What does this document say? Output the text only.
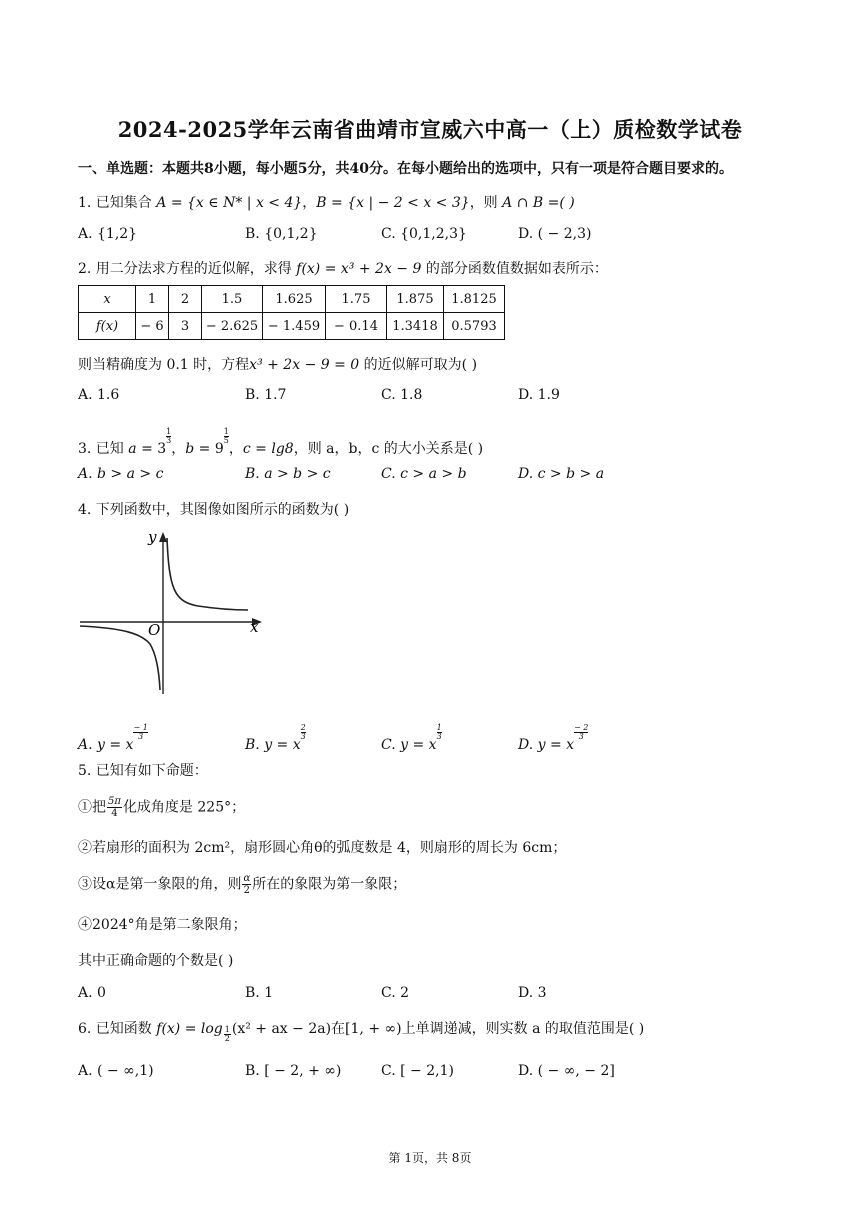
2024-2025学年云南省曲靖市宣威六中高一（上）质检数学试卷
一、单选题：本题共8小题，每小题5分，共40分。在每小题给出的选项中，只有一项是符合题目要求的。
1. 已知集合 A = {x ∈ N* | x < 4}，B = {x | − 2 < x < 3}，则 A ∩ B =( )
A. {1,2}	B. {0,1,2}	C. {0,1,2,3}	D. ( − 2,3)
2. 用二分法求方程的近似解，求得 f(x) = x³ + 2x − 9 的部分函数值数据如表所示：
x	1	2	1.5	1.625	1.75	1.875	1.8125
f(x)	− 6	3	− 2.625	− 1.459	− 0.14	1.3418	0.5793
则当精确度为 0.1 时，方程x³ + 2x − 9 = 0 的近似解可取为( )
A. 1.6	B. 1.7	C. 1.8	D. 1.9
3. 已知 a = 3
$\frac{1}{3}$
，b = 9
$\frac{1}{5}$
，c = lg8，则 a，b，c 的大小关系是( )
A. b > a > c	B. a > b > c	C. c > a > b	D. c > b > a
4. 下列函数中，其图像如图所示的函数为( )
y
x
O
A. y = x
$\frac{- 1}{3}$
B. y = x
$\frac{2}{3}$
C. y = x
$\frac{1}{3}$
D. y = x
$\frac{- 2}{3}$
5. 已知有如下命题：
①把 $\frac{5\pi}{4}$ 化成角度是 225°；
②若扇形的面积为 2cm²，扇形圆心角θ的弧度数是 4，则扇形的周长为 6cm；
③设α是第一象限的角，则 $\frac{\alpha}{2}$ 所在的象限为第一象限；
④2024°角是第二象限角；
其中正确命题的个数是( )
A. 0	B. 1	C. 2	D. 3
6. 已知函数 f(x) = log $_{\frac{1}{2}}$ (x² + ax − 2a)在[1, + ∞)上单调递减，则实数 a 的取值范围是( )
A. ( − ∞,1)	B. [ − 2, + ∞)	C. [ − 2,1)	D. ( − ∞, − 2]
第 1页，共 8页
